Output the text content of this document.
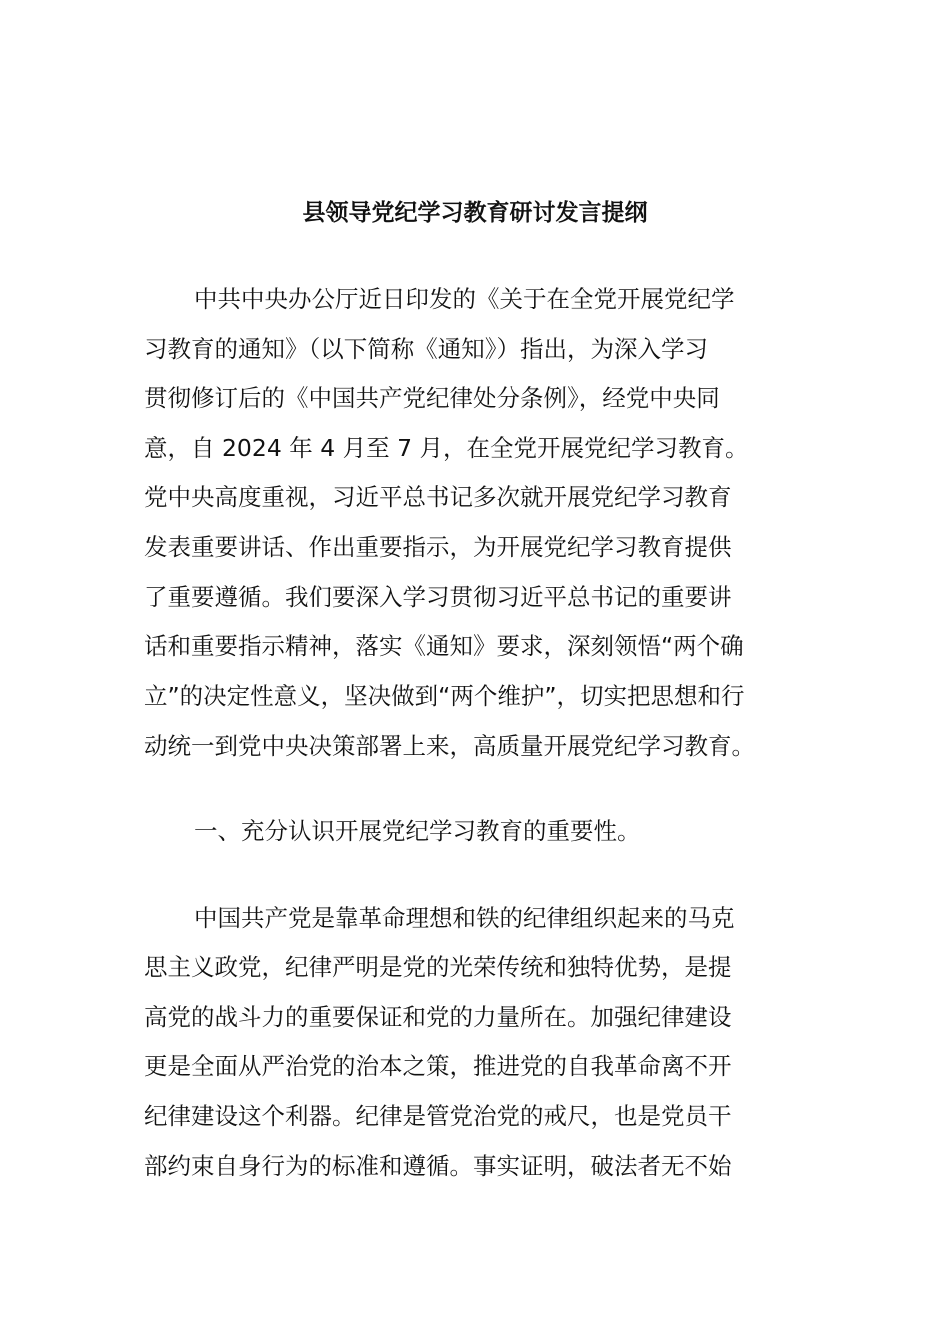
县领导党纪学习教育研讨发言提纲
中共中央办公厅近日印发的《关于在全党开展党纪学
习教育的通知》（以下简称《通知》）指出，为深入学习
贯彻修订后的《中国共产党纪律处分条例》，经党中央同
意，自 2024 年 4 月至 7 月，在全党开展党纪学习教育。
党中央高度重视，习近平总书记多次就开展党纪学习教育
发表重要讲话、作出重要指示，为开展党纪学习教育提供
了重要遵循。我们要深入学习贯彻习近平总书记的重要讲
话和重要指示精神，落实《通知》要求，深刻领悟“两个确
立”的决定性意义，坚决做到“两个维护”，切实把思想和行
动统一到党中央决策部署上来，高质量开展党纪学习教育。
一、充分认识开展党纪学习教育的重要性。
中国共产党是靠革命理想和铁的纪律组织起来的马克
思主义政党，纪律严明是党的光荣传统和独特优势，是提
高党的战斗力的重要保证和党的力量所在。加强纪律建设
更是全面从严治党的治本之策，推进党的自我革命离不开
纪律建设这个利器。纪律是管党治党的戒尺，也是党员干
部约束自身行为的标准和遵循。事实证明，破法者无不始
